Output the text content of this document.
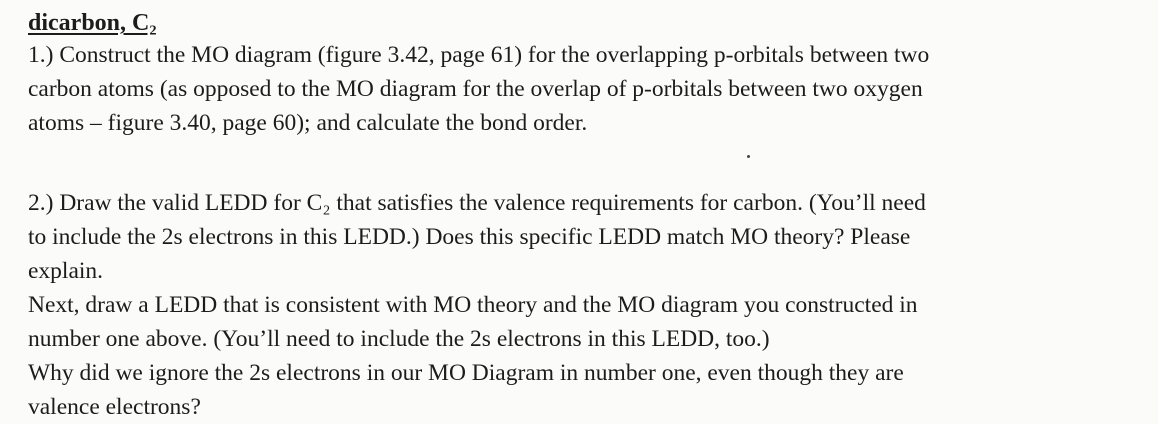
dicarbon, C₂

1.) Construct the MO diagram (figure 3.42, page 61) for the overlapping p-orbitals between two
carbon atoms (as opposed to the MO diagram for the overlap of p-orbitals between two oxygen
atoms – figure 3.40, page 60); and calculate the bond order.

2.) Draw the valid LEDD for C₂ that satisfies the valence requirements for carbon. (You’ll need
to include the 2s electrons in this LEDD.) Does this specific LEDD match MO theory? Please
explain.
Next, draw a LEDD that is consistent with MO theory and the MO diagram you constructed in
number one above. (You’ll need to include the 2s electrons in this LEDD, too.)
Why did we ignore the 2s electrons in our MO Diagram in number one, even though they are
valence electrons?
